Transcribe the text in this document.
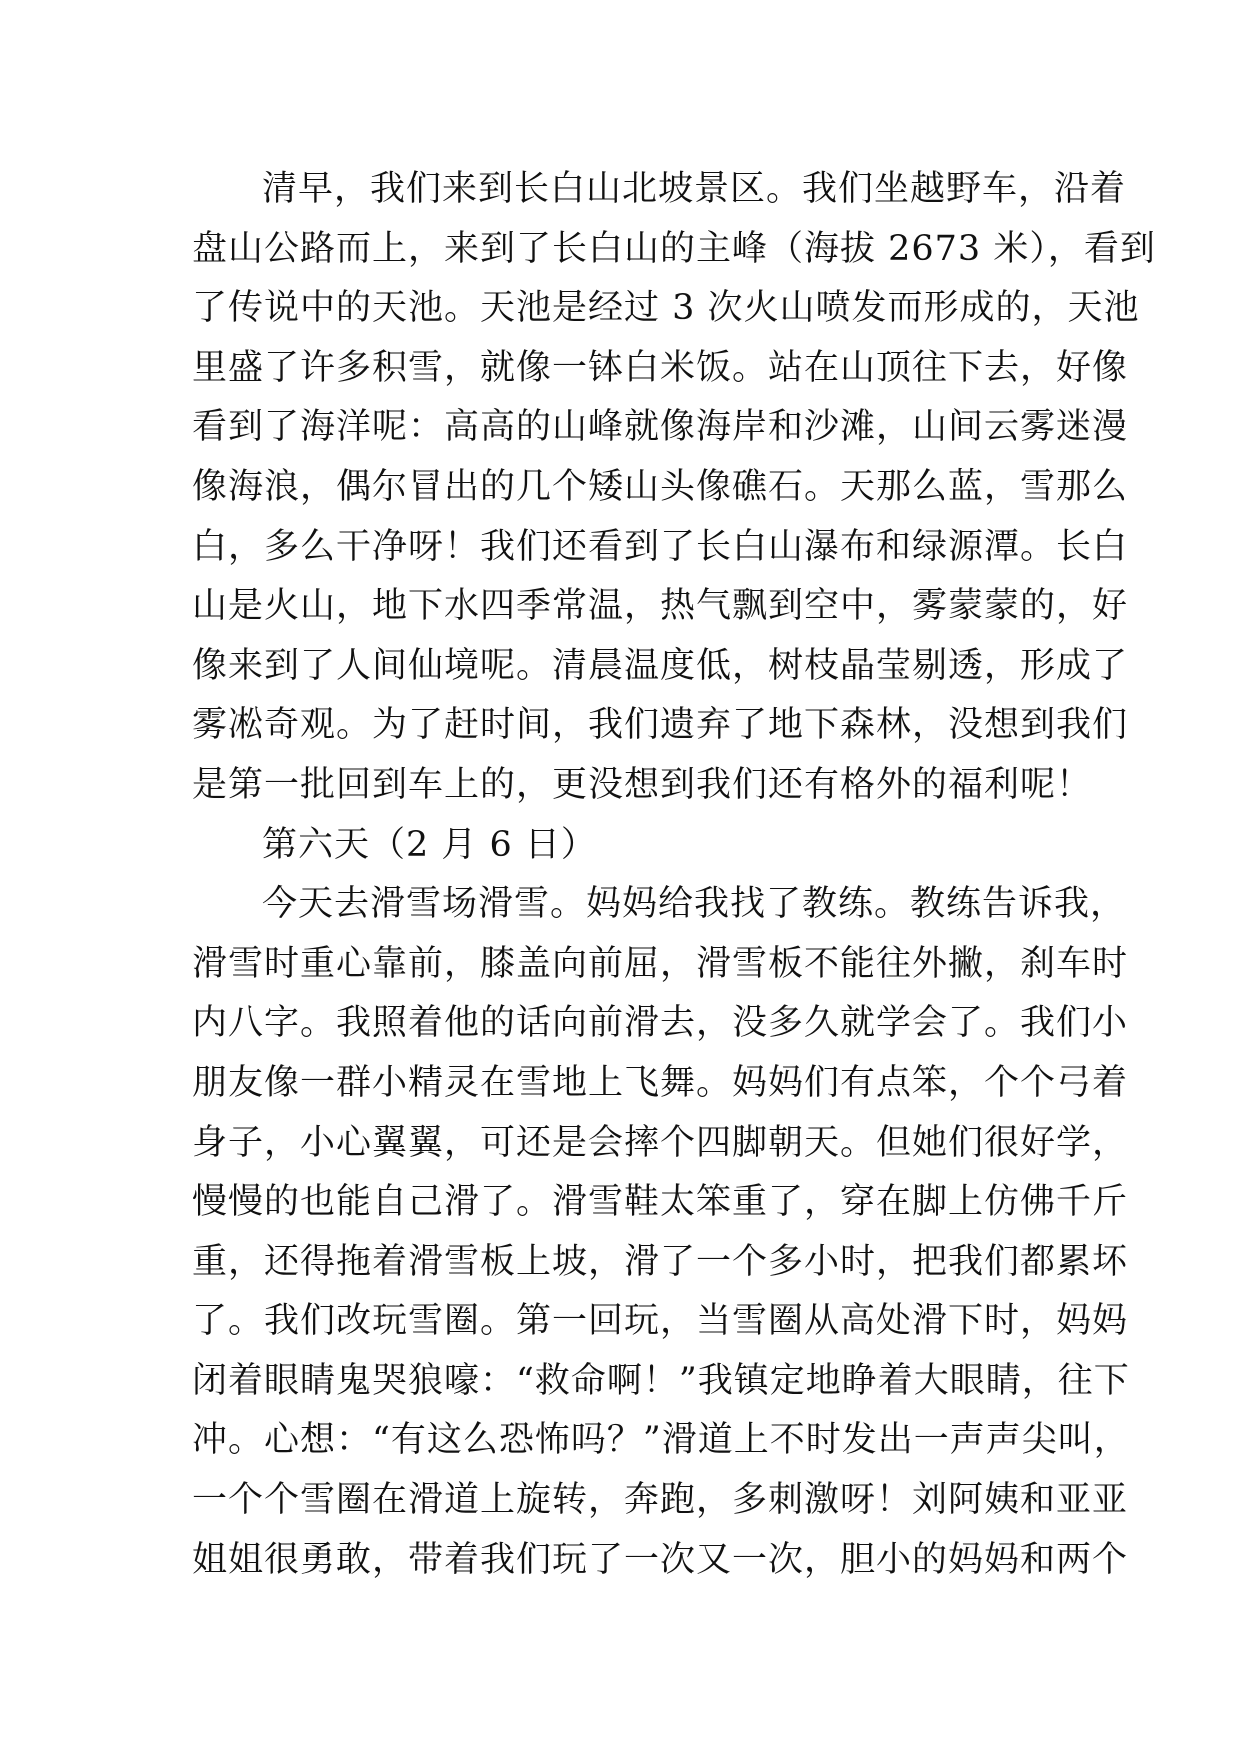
清早，我们来到长白山北坡景区。我们坐越野车，沿着
盘山公路而上，来到了长白山的主峰（海拔 2673 米），看到
了传说中的天池。天池是经过 3 次火山喷发而形成的，天池
里盛了许多积雪，就像一钵白米饭。站在山顶往下去，好像
看到了海洋呢：高高的山峰就像海岸和沙滩，山间云雾迷漫
像海浪，偶尔冒出的几个矮山头像礁石。天那么蓝，雪那么
白，多么干净呀！我们还看到了长白山瀑布和绿源潭。长白
山是火山，地下水四季常温，热气飘到空中，雾蒙蒙的，好
像来到了人间仙境呢。清晨温度低，树枝晶莹剔透，形成了
雾凇奇观。为了赶时间，我们遗弃了地下森林，没想到我们
是第一批回到车上的，更没想到我们还有格外的福利呢！
第六天（2 月 6 日）
今天去滑雪场滑雪。妈妈给我找了教练。教练告诉我，
滑雪时重心靠前，膝盖向前屈，滑雪板不能往外撇，刹车时
内八字。我照着他的话向前滑去，没多久就学会了。我们小
朋友像一群小精灵在雪地上飞舞。妈妈们有点笨，个个弓着
身子，小心翼翼，可还是会摔个四脚朝天。但她们很好学，
慢慢的也能自己滑了。滑雪鞋太笨重了，穿在脚上仿佛千斤
重，还得拖着滑雪板上坡，滑了一个多小时，把我们都累坏
了。我们改玩雪圈。第一回玩，当雪圈从高处滑下时，妈妈
闭着眼睛鬼哭狼嚎：“救命啊！”我镇定地睁着大眼睛，往下
冲。心想：“有这么恐怖吗？”滑道上不时发出一声声尖叫，
一个个雪圈在滑道上旋转，奔跑，多刺激呀！刘阿姨和亚亚
姐姐很勇敢，带着我们玩了一次又一次，胆小的妈妈和两个
